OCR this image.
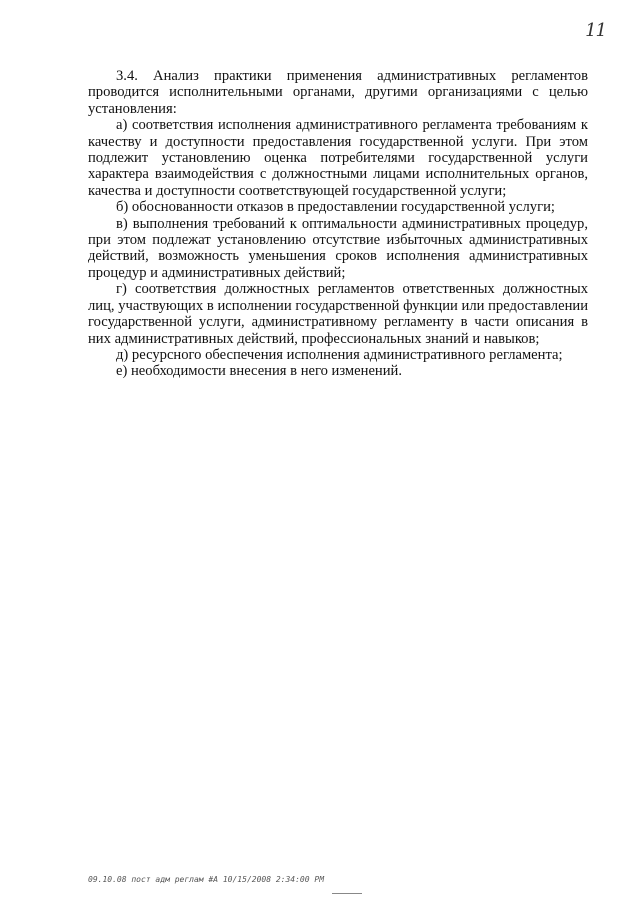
11

3.4. Анализ практики применения административных регламентов проводится исполнительными органами, другими организациями с целью установления:

а) соответствия исполнения административного регламента требованиям к качеству и доступности предоставления государственной услуги. При этом подлежит установлению оценка потребителями государственной услуги характера взаимодействия с должностными лицами исполнительных органов, качества и доступности соответствующей государственной услуги;

б) обоснованности отказов в предоставлении государственной услуги;

в) выполнения требований к оптимальности административных процедур, при этом подлежат установлению отсутствие избыточных административных действий, возможность уменьшения сроков исполнения административных процедур и административных действий;

г) соответствия должностных регламентов ответственных должностных лиц, участвующих в исполнении государственной функции или предоставлении государственной услуги, административному регламенту в части описания в них административных действий, профессиональных знаний и навыков;

д) ресурсного обеспечения исполнения административного регламента;

е) необходимости внесения в него изменений.

09.10.08 пост адм реглам #А 10/15/2008 2:34:00 PM
